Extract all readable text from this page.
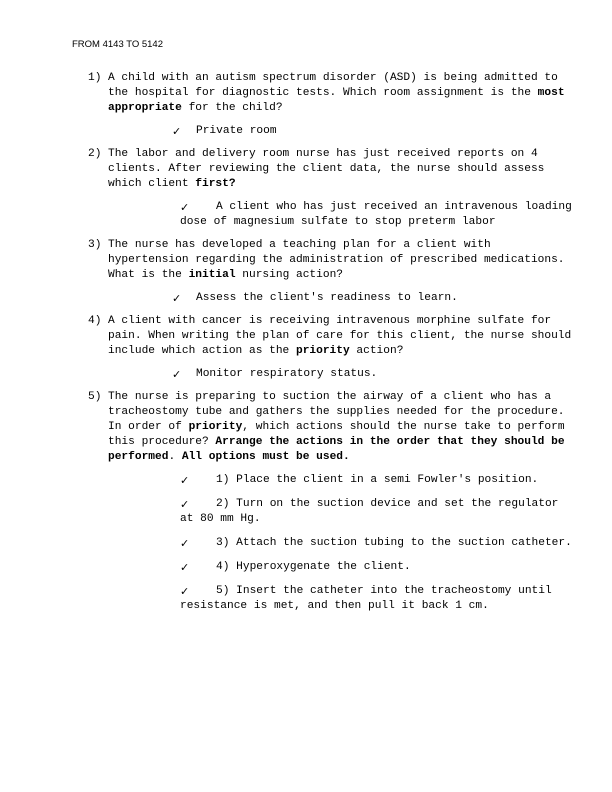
FROM 4143 TO 5142

1) A child with an autism spectrum disorder (ASD) is being admitted to the hospital for diagnostic tests. Which room assignment is the most appropriate for the child?

✓ Private room

2) The labor and delivery room nurse has just received reports on 4 clients. After reviewing the client data, the nurse should assess which client first?

✓ A client who has just received an intravenous loading dose of magnesium sulfate to stop preterm labor

3) The nurse has developed a teaching plan for a client with hypertension regarding the administration of prescribed medications. What is the initial nursing action?

✓ Assess the client's readiness to learn.

4) A client with cancer is receiving intravenous morphine sulfate for pain. When writing the plan of care for this client, the nurse should include which action as the priority action?

✓ Monitor respiratory status.

5) The nurse is preparing to suction the airway of a client who has a tracheostomy tube and gathers the supplies needed for the procedure. In order of priority, which actions should the nurse take to perform this procedure? Arrange the actions in the order that they should be performed. All options must be used.

✓ 1) Place the client in a semi Fowler's position.

✓ 2) Turn on the suction device and set the regulator at 80 mm Hg.

✓ 3) Attach the suction tubing to the suction catheter.

✓ 4) Hyperoxygenate the client.

✓ 5) Insert the catheter into the tracheostomy until resistance is met, and then pull it back 1 cm.
